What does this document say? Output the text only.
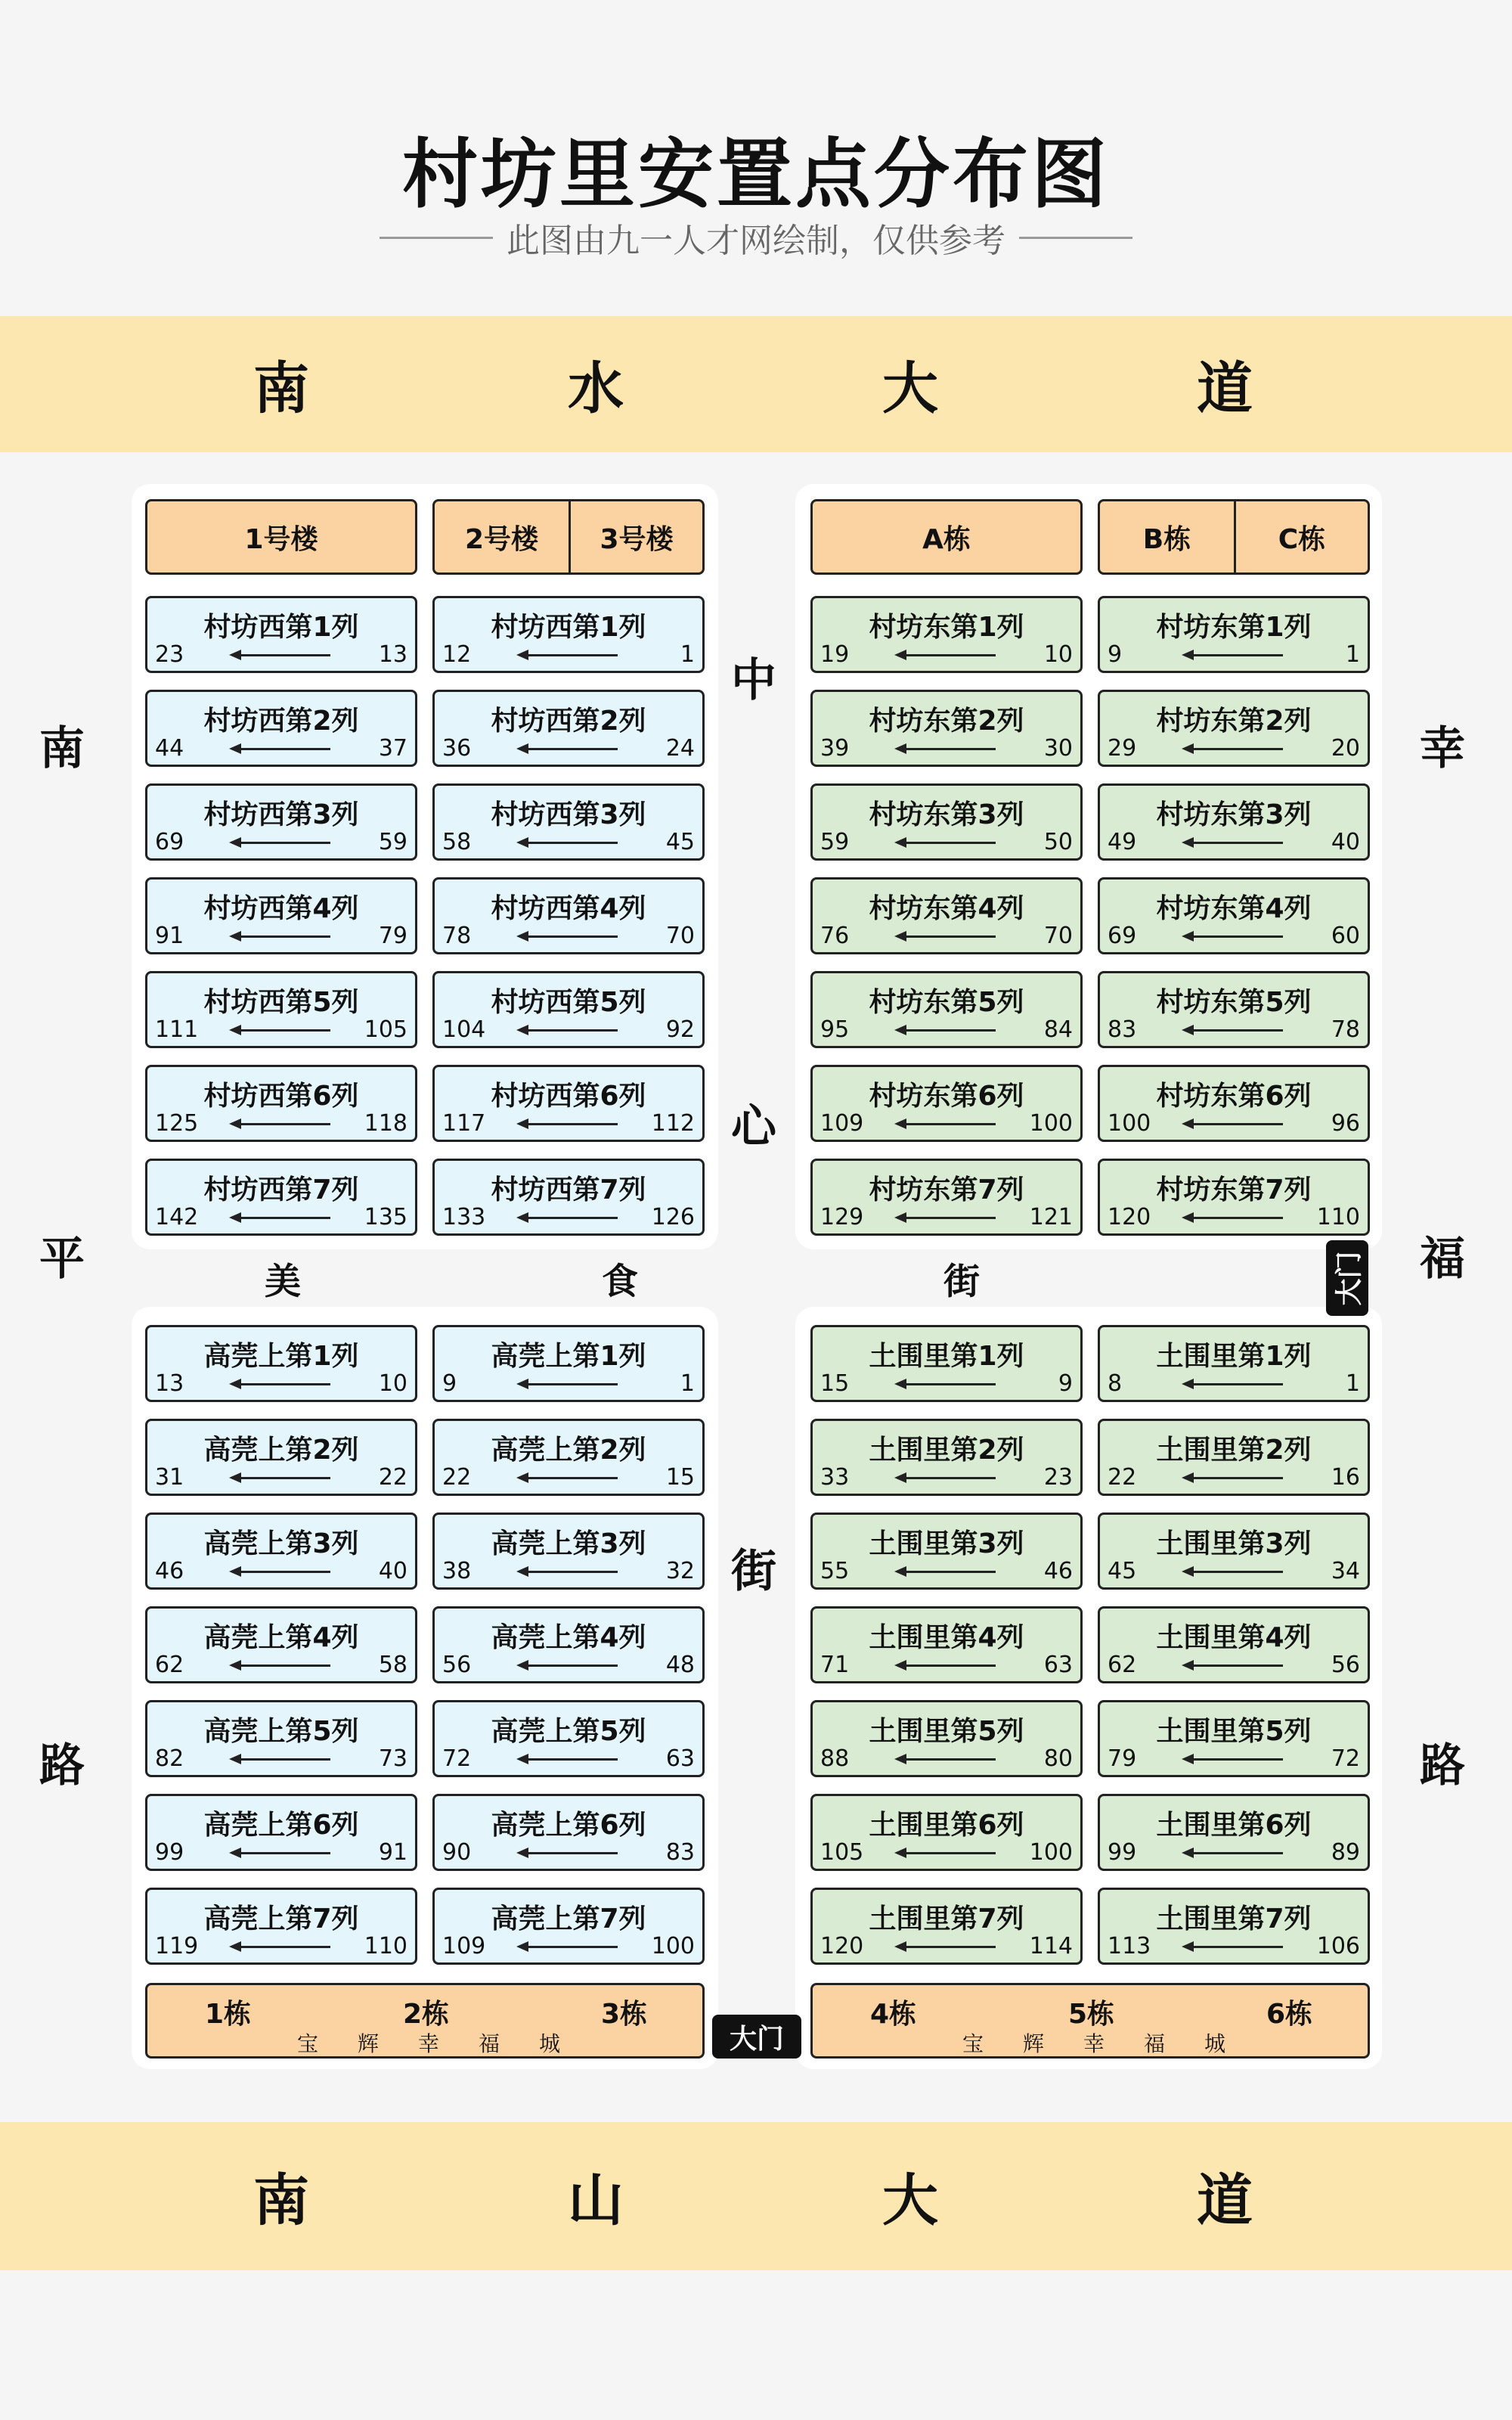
村坊里安置点分布图
此图由九一人才网绘制，仅供参考
南	水	大	道
南	山	大	道
南
平
路
幸
福
路
中
心
街
美	食	街
1号楼	2号楼	3号楼	A栋	B栋	C栋
村坊西第1列
23	13
村坊西第2列
44	37
村坊西第3列
69	59
村坊西第4列
91	79
村坊西第5列
111	105
村坊西第6列
125	118
村坊西第7列
142	135
村坊西第1列
12	1
村坊西第2列
36	24
村坊西第3列
58	45
村坊西第4列
78	70
村坊西第5列
104	92
村坊西第6列
117	112
村坊西第7列
133	126
村坊东第1列
19	10
村坊东第2列
39	30
村坊东第3列
59	50
村坊东第4列
76	70
村坊东第5列
95	84
村坊东第6列
109	100
村坊东第7列
129	121
村坊东第1列
9	1
村坊东第2列
29	20
村坊东第3列
49	40
村坊东第4列
69	60
村坊东第5列
83	78
村坊东第6列
100	96
村坊东第7列
120	110
高莞上第1列
13	10
高莞上第2列
31	22
高莞上第3列
46	40
高莞上第4列
62	58
高莞上第5列
82	73
高莞上第6列
99	91
高莞上第7列
119	110
高莞上第1列
9	1
高莞上第2列
22	15
高莞上第3列
38	32
高莞上第4列
56	48
高莞上第5列
72	63
高莞上第6列
90	83
高莞上第7列
109	100
土围里第1列
15	9
土围里第2列
33	23
土围里第3列
55	46
土围里第4列
71	63
土围里第5列
88	80
土围里第6列
105	100
土围里第7列
120	114
土围里第1列
8	1
土围里第2列
22	16
土围里第3列
45	34
土围里第4列
62	56
土围里第5列
79	72
土围里第6列
99	89
土围里第7列
113	106
大门
大门
1栋	2栋	3栋
宝 辉 幸 福 城
4栋	5栋	6栋
宝 辉 幸 福 城
